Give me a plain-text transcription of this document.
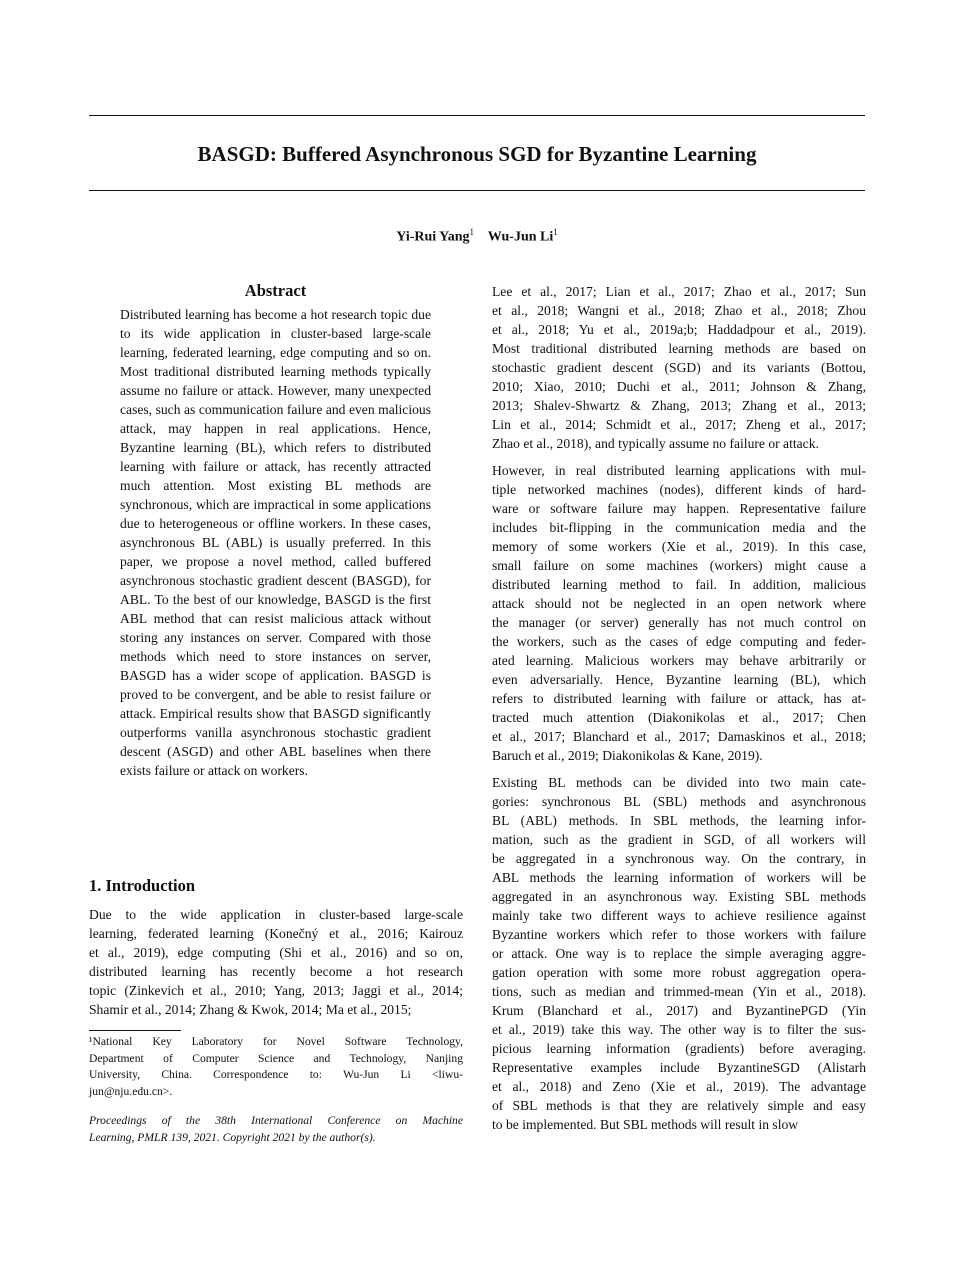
BASGD: Buffered Asynchronous SGD for Byzantine Learning
Yi-Rui Yang$^1$ Wu-Jun Li$^1$

Abstract

Distributed learning has become a hot research topic due to its wide application in cluster-based large-scale learning, federated learning, edge computing and so on. Most traditional distributed learning methods typically assume no failure or attack. However, many unexpected cases, such as communication failure and even malicious attack, may happen in real applications. Hence, Byzantine learning (BL), which refers to distributed learning with failure or attack, has recently attracted much attention. Most existing BL methods are synchronous, which are impractical in some applications due to heterogeneous or offline workers. In these cases, asynchronous BL (ABL) is usually preferred. In this paper, we propose a novel method, called buffered asynchronous stochastic gradient descent (BASGD), for ABL. To the best of our knowledge, BASGD is the first ABL method that can resist malicious attack without storing any instances on server. Compared with those methods which need to store instances on server, BASGD has a wider scope of application. BASGD is proved to be convergent, and be able to resist failure or attack. Empirical results show that BASGD significantly outperforms vanilla asynchronous stochastic gradient descent (ASGD) and other ABL baselines when there exists failure or attack on workers.

1. Introduction

Due to the wide application in cluster-based large-scale
learning, federated learning (Konečný et al., 2016; Kairouz
et al., 2019), edge computing (Shi et al., 2016) and so on,
distributed learning has recently become a hot research
topic (Zinkevich et al., 2010; Yang, 2013; Jaggi et al., 2014;
Shamir et al., 2014; Zhang & Kwok, 2014; Ma et al., 2015;
¹National Key Laboratory for Novel Software Technology,
Department of Computer Science and Technology, Nanjing
University, China. Correspondence to: Wu-Jun Li <liwu-
jun@nju.edu.cn>.
Proceedings of the 38th International Conference on Machine
Learning, PMLR 139, 2021. Copyright 2021 by the author(s).

Lee et al., 2017; Lian et al., 2017; Zhao et al., 2017; Sun
et al., 2018; Wangni et al., 2018; Zhao et al., 2018; Zhou
et al., 2018; Yu et al., 2019a;b; Haddadpour et al., 2019).
Most traditional distributed learning methods are based on
stochastic gradient descent (SGD) and its variants (Bottou,
2010; Xiao, 2010; Duchi et al., 2011; Johnson & Zhang,
2013; Shalev-Shwartz & Zhang, 2013; Zhang et al., 2013;
Lin et al., 2014; Schmidt et al., 2017; Zheng et al., 2017;
Zhao et al., 2018), and typically assume no failure or attack.

However, in real distributed learning applications with mul-
tiple networked machines (nodes), different kinds of hard-
ware or software failure may happen. Representative failure
includes bit-flipping in the communication media and the
memory of some workers (Xie et al., 2019). In this case,
small failure on some machines (workers) might cause a
distributed learning method to fail. In addition, malicious
attack should not be neglected in an open network where
the manager (or server) generally has not much control on
the workers, such as the cases of edge computing and feder-
ated learning. Malicious workers may behave arbitrarily or
even adversarially. Hence, Byzantine learning (BL), which
refers to distributed learning with failure or attack, has at-
tracted much attention (Diakonikolas et al., 2017; Chen
et al., 2017; Blanchard et al., 2017; Damaskinos et al., 2018;
Baruch et al., 2019; Diakonikolas & Kane, 2019).

Existing BL methods can be divided into two main cate-
gories: synchronous BL (SBL) methods and asynchronous
BL (ABL) methods. In SBL methods, the learning infor-
mation, such as the gradient in SGD, of all workers will
be aggregated in a synchronous way. On the contrary, in
ABL methods the learning information of workers will be
aggregated in an asynchronous way. Existing SBL methods
mainly take two different ways to achieve resilience against
Byzantine workers which refer to those workers with failure
or attack. One way is to replace the simple averaging aggre-
gation operation with some more robust aggregation opera-
tions, such as median and trimmed-mean (Yin et al., 2018).
Krum (Blanchard et al., 2017) and ByzantinePGD (Yin
et al., 2019) take this way. The other way is to filter the sus-
picious learning information (gradients) before averaging.
Representative examples include ByzantineSGD (Alistarh
et al., 2018) and Zeno (Xie et al., 2019). The advantage
of SBL methods is that they are relatively simple and easy
to be implemented. But SBL methods will result in slow
